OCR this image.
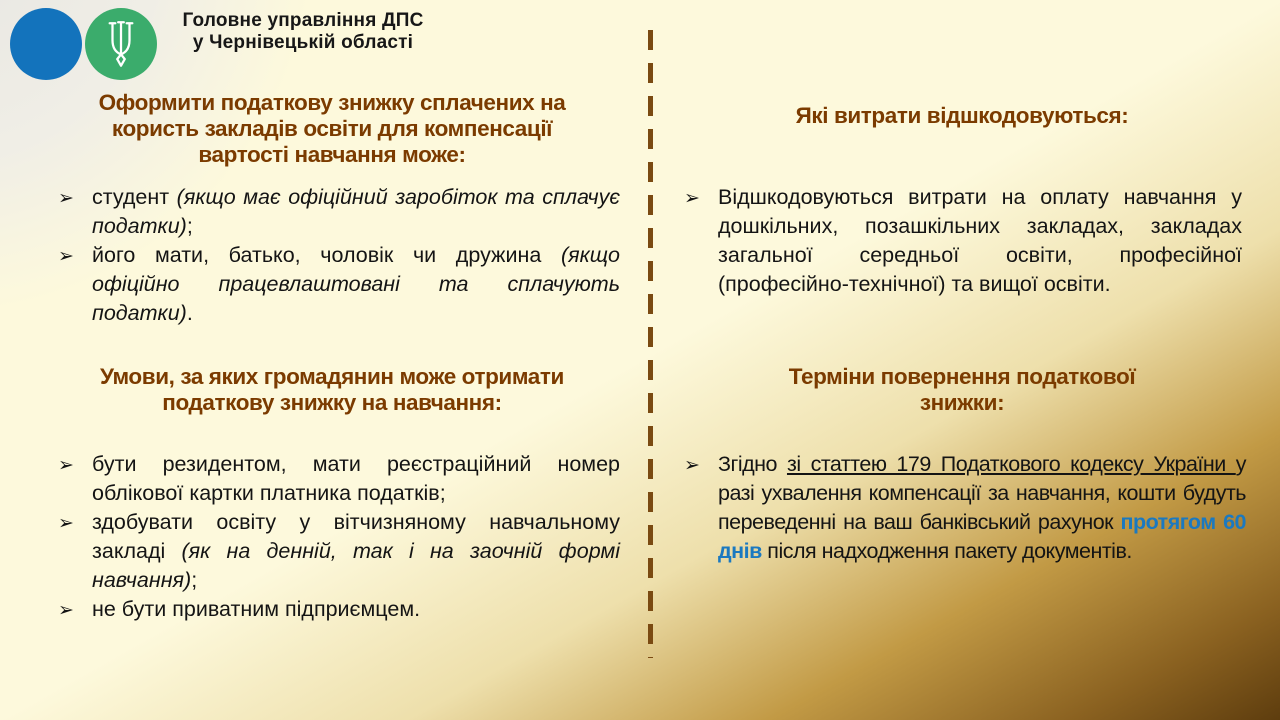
Головне управління ДПС
у Чернівецькій області
Оформити податкову знижку сплачених на
користь закладів освіти для компенсації
вартості навчання може:
➢ студент (якщо має офіційний заробіток та сплачує податки);
➢ його мати, батько, чоловік чи дружина (якщо офіційно працевлаштовані та сплачують податки).
Умови, за яких громадянин може отримати
податкову знижку на навчання:
➢ бути резидентом, мати реєстраційний номер облікової картки платника податків;
➢ здобувати освіту у вітчизняному навчальному закладі (як на денній, так і на заочній формі навчання);
➢ не бути приватним підприємцем.
Які витрати відшкодовуються:
➢ Відшкодовуються витрати на оплату навчання у дошкільних, позашкільних закладах, закладах загальної середньої освіти, професійної (професійно-технічної) та вищої освіти.
Терміни повернення податкової
знижки:
➢ Згідно зі статтею 179 Податкового кодексу України у разі ухвалення компенсації за навчання, кошти будуть переведенні на ваш банківський рахунок протягом 60 днів після надходження пакету документів.
